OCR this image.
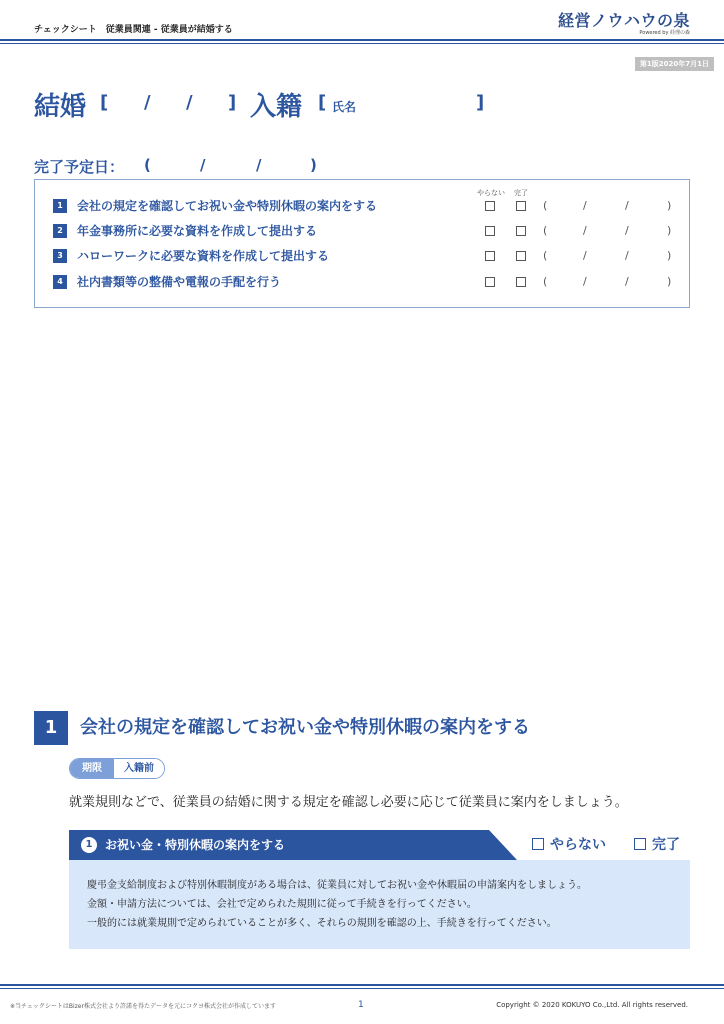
チェックシート　従業員関連 - 従業員が結婚する	経営ノウハウの泉
Powered by 経理の森
第1版2020年7月1日
結婚 [ / / ] 入籍 [ 氏名	]
完了予定日： (	/	/	)
やらない 完了
1	会社の規定を確認してお祝い金や特別休暇の案内をする	(	/	/	)
2	年金事務所に必要な資料を作成して提出する	(	/	/	)
3	ハローワークに必要な資料を作成して提出する	(	/	/	)
4	社内書類等の整備や電報の手配を行う	(	/	/	)
1	会社の規定を確認してお祝い金や特別休暇の案内をする
期限	入籍前
就業規則などで、従業員の結婚に関する規定を確認し必要に応じて従業員に案内をしましょう。
1	お祝い金・特別休暇の案内をする	やらない	完了

慶弔金支給制度および特別休暇制度がある場合は、従業員に対してお祝い金や休暇届の申請案内をしましょう。

金額・申請方法については、会社で定められた規則に従って手続きを行ってください。

一般的には就業規則で定められていることが多く、それらの規則を確認の上、手続きを行ってください。

※当チェックシートはBizer株式会社より許諾を得たデータを元にコクヨ株式会社が作成しています	1	Copyright © 2020 KOKUYO Co.,Ltd. All rights reserved.
